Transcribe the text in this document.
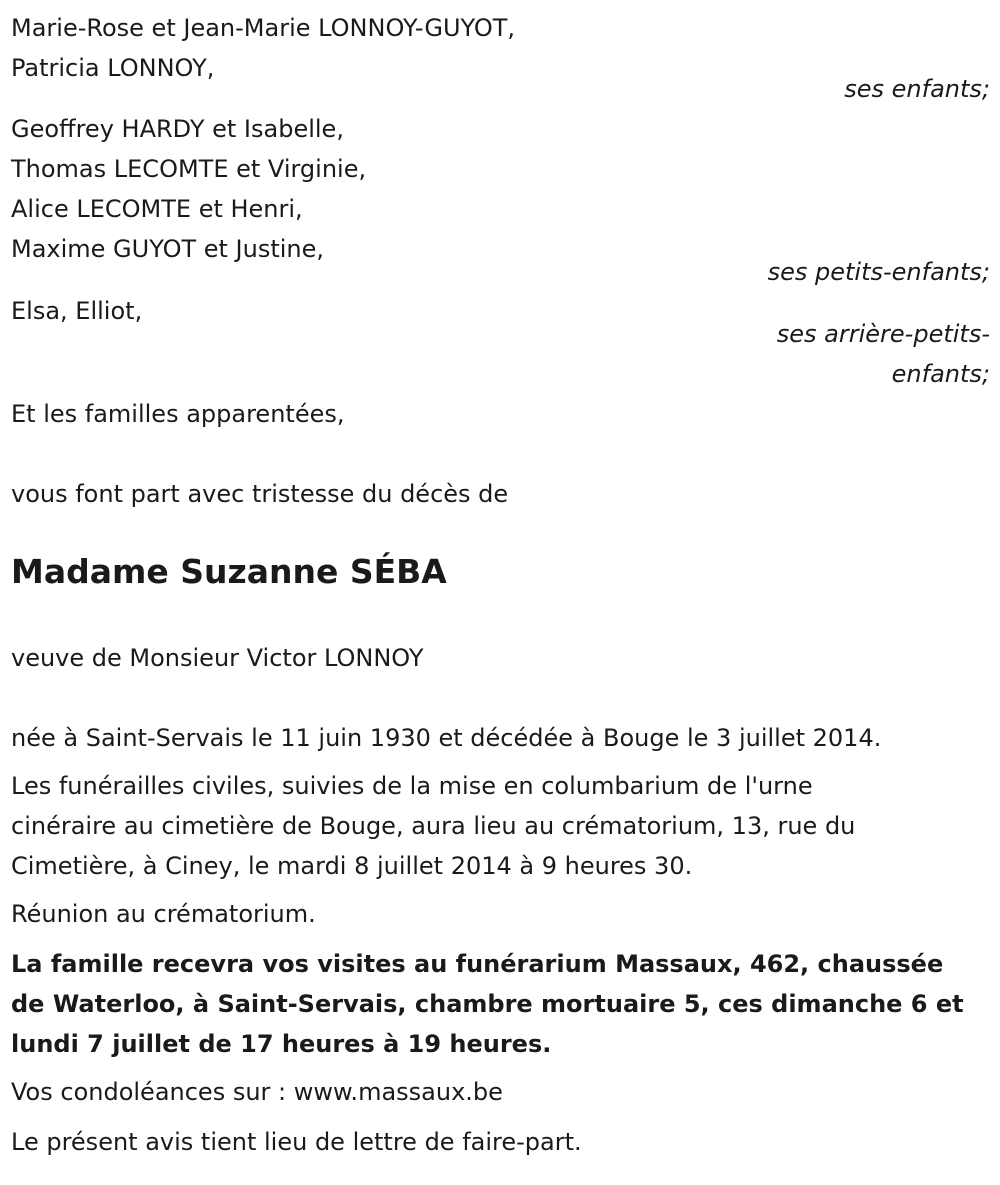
Marie-Rose et Jean-Marie LONNOY-GUYOT,
Patricia LONNOY,
ses enfants;
Geoffrey HARDY et Isabelle,
Thomas LECOMTE et Virginie,
Alice LECOMTE et Henri,
Maxime GUYOT et Justine,
ses petits-enfants;
Elsa, Elliot,
ses arrière-petits-
enfants;
Et les familles apparentées,
vous font part avec tristesse du décès de
Madame Suzanne SÉBA
veuve de Monsieur Victor LONNOY
née à Saint-Servais le 11 juin 1930 et décédée à Bouge le 3 juillet 2014.
Les funérailles civiles, suivies de la mise en columbarium de l'urne
cinéraire au cimetière de Bouge, aura lieu au crématorium, 13, rue du
Cimetière, à Ciney, le mardi 8 juillet 2014 à 9 heures 30.
Réunion au crématorium.
La famille recevra vos visites au funérarium Massaux, 462, chaussée
de Waterloo, à Saint-Servais, chambre mortuaire 5, ces dimanche 6 et
lundi 7 juillet de 17 heures à 19 heures.
Vos condoléances sur : www.massaux.be
Le présent avis tient lieu de lettre de faire-part.
